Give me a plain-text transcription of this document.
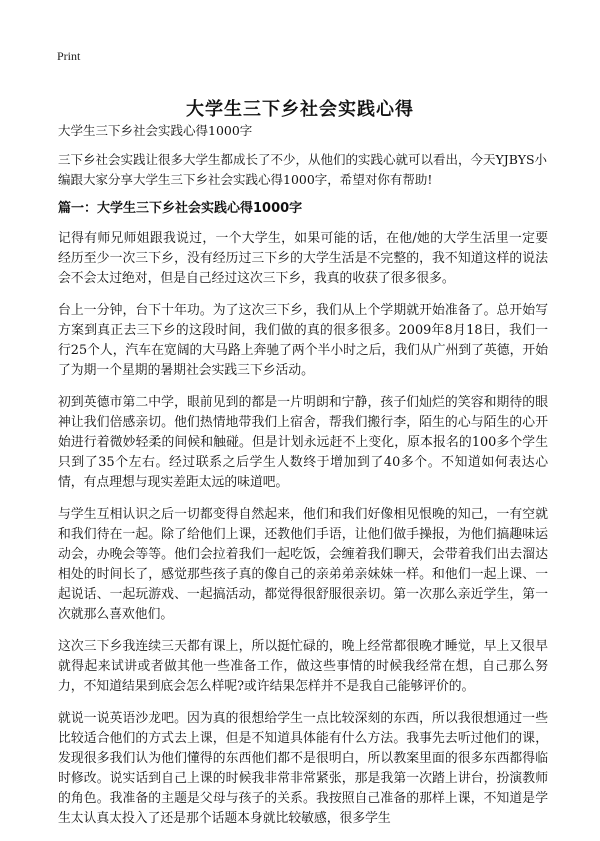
Print
大学生三下乡社会实践心得

大学生三下乡社会实践心得1000字

三下乡社会实践让很多大学生都成长了不少，从他们的实践心就可以看出，今天YJBYS小编跟大家分享大学生三下乡社会实践心得1000字，希望对你有帮助!

篇一：大学生三下乡社会实践心得1000字

记得有师兄师姐跟我说过，一个大学生，如果可能的话，在他/她的大学生活里一定要经历至少一次三下乡，没有经历过三下乡的大学生活是不完整的，我不知道这样的说法会不会太过绝对，但是自己经过这次三下乡，我真的收获了很多很多。

台上一分钟，台下十年功。为了这次三下乡，我们从上个学期就开始准备了。总开始写方案到真正去三下乡的这段时间，我们做的真的很多很多。2009年8月18日，我们一行25个人，汽车在宽阔的大马路上奔驰了两个半小时之后，我们从广州到了英德，开始了为期一个星期的暑期社会实践三下乡活动。

初到英德市第二中学，眼前见到的都是一片明朗和宁静，孩子们灿烂的笑容和期待的眼神让我们倍感亲切。他们热情地带我们上宿舍，帮我们搬行李，陌生的心与陌生的心开始进行着微妙轻柔的间候和触碰。但是计划永远赶不上变化，原本报名的100多个学生只到了35个左右。经过联系之后学生人数终于增加到了40多个。不知道如何表达心情，有点理想与现实差距太远的味道吧。

与学生互相认识之后一切都变得自然起来，他们和我们好像相见恨晚的知己，一有空就和我们待在一起。除了给他们上课，还教他们手语，让他们做手操报，为他们搞趣味运动会，办晚会等等。他们会拉着我们一起吃饭，会缠着我们聊天，会带着我们出去溜达相处的时间长了，感觉那些孩子真的像自己的亲弟弟亲妹妹一样。和他们一起上课、一起说话、一起玩游戏、一起搞活动，都觉得很舒服很亲切。第一次那么亲近学生，第一次就那么喜欢他们。

这次三下乡我连续三天都有课上，所以挺忙碌的，晚上经常都很晚才睡觉，早上又很早就得起来试讲或者做其他一些准备工作，做这些事情的时候我经常在想，自己那么努力，不知道结果到底会怎么样呢?或许结果怎样并不是我自己能够评价的。

就说一说英语沙龙吧。因为真的很想给学生一点比较深刻的东西，所以我很想通过一些比较适合他们的方式去上课，但是不知道具体能有什么方法。我事先去听过他们的课，发现很多我们认为他们懂得的东西他们都不是很明白，所以教案里面的很多东西都得临时修改。说实话到自己上课的时候我非常非常紧张，那是我第一次踏上讲台，扮演教师的角色。我准备的主题是父母与孩子的关系。我按照自己准备的那样上课，不知道是学生太认真太投入了还是那个话题本身就比较敏感，很多学生
